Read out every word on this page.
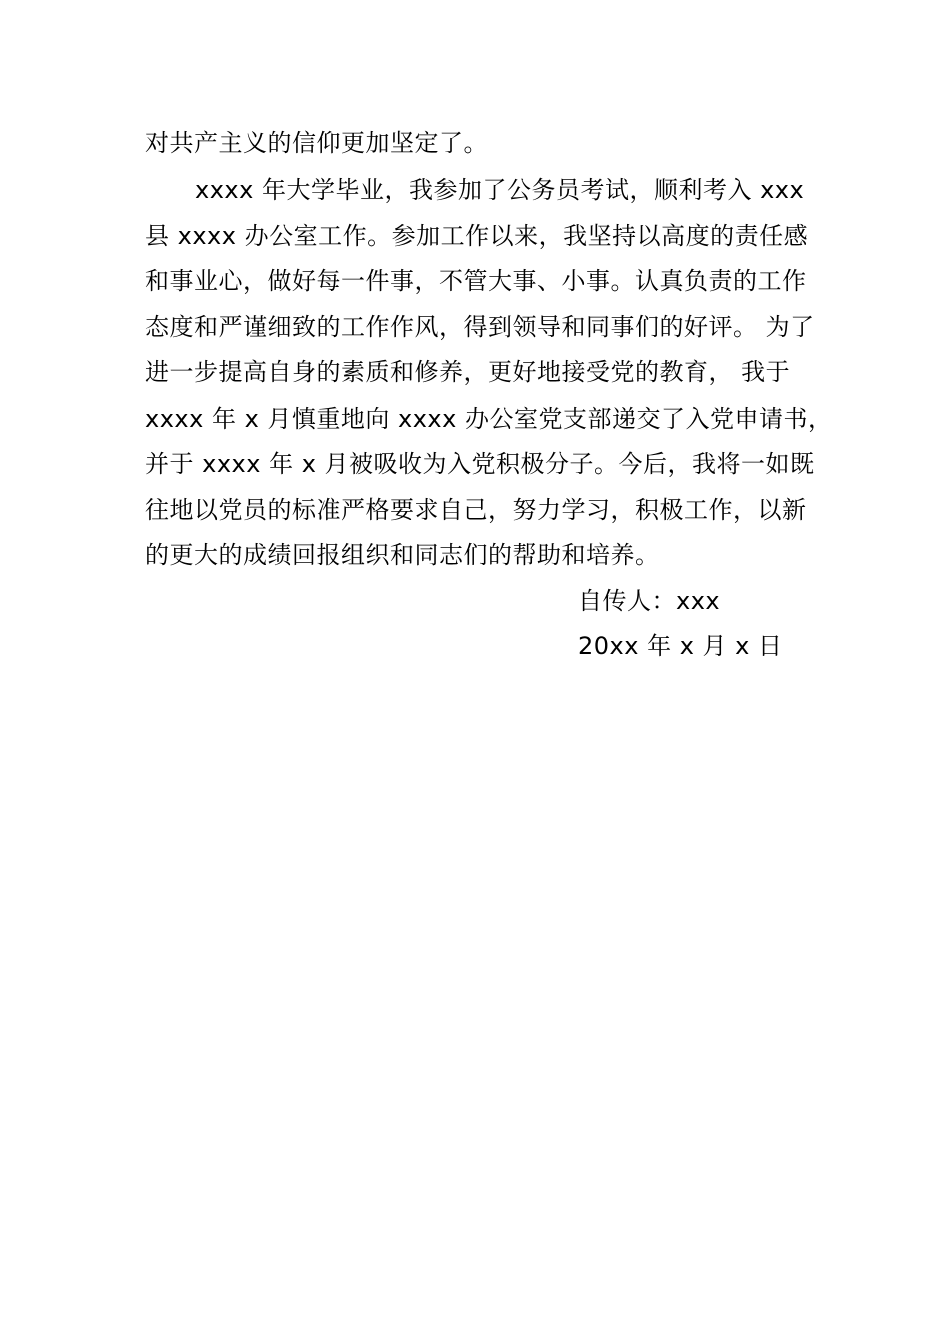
对共产主义的信仰更加坚定了。
xxxx 年大学毕业，我参加了公务员考试，顺利考入 xxx
县 xxxx 办公室工作。参加工作以来，我坚持以高度的责任感
和事业心，做好每一件事，不管大事、小事。认真负责的工作
态度和严谨细致的工作作风，得到领导和同事们的好评。 为了
进一步提高自身的素质和修养，更好地接受党的教育， 我于
xxxx 年 x 月慎重地向 xxxx 办公室党支部递交了入党申请书，
并于 xxxx 年 x 月被吸收为入党积极分子。今后，我将一如既
往地以党员的标准严格要求自己，努力学习，积极工作，以新
的更大的成绩回报组织和同志们的帮助和培养。
自传人：xxx
20xx 年 x 月 x 日
